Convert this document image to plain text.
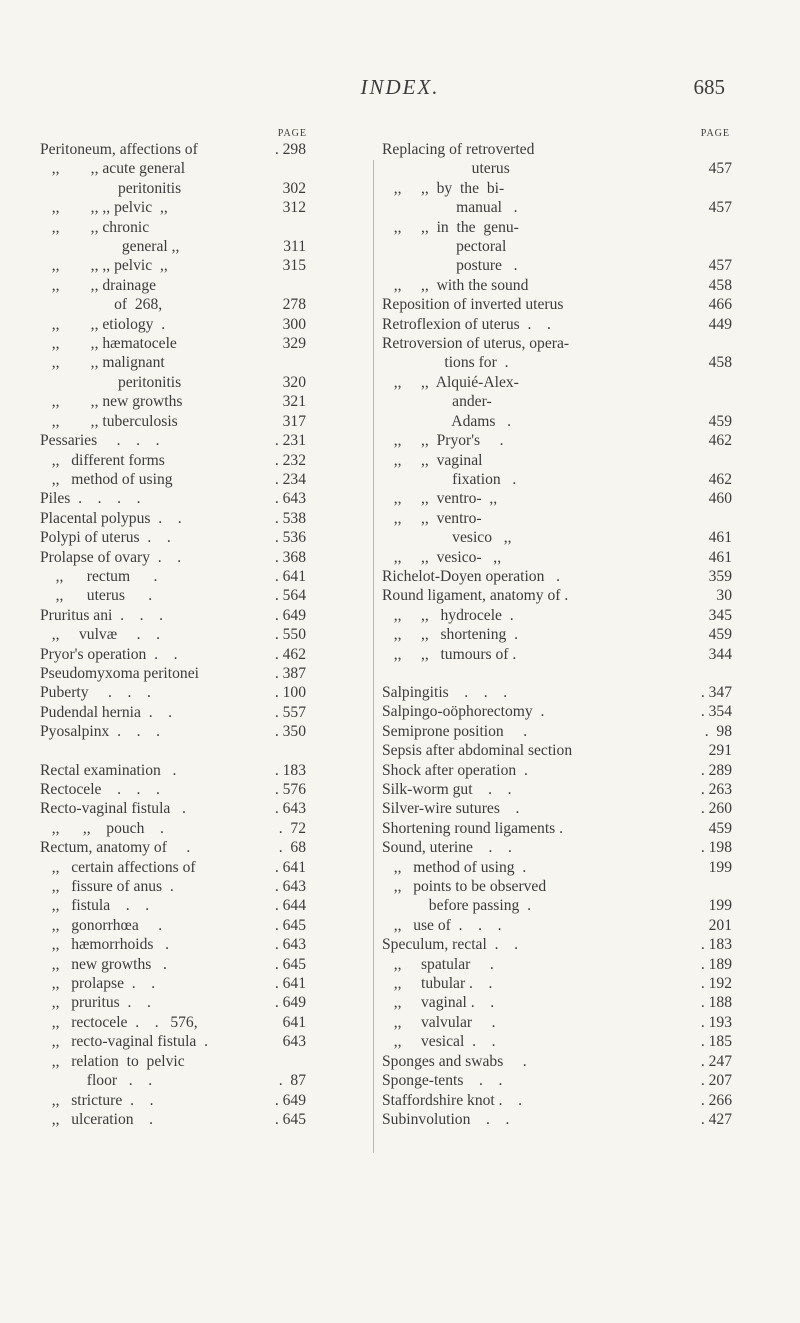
INDEX.	685
PAGE
Peritoneum, affections of	. 298
,,        ,, acute general
peritonitis	302
,,        ,, ,, pelvic  ,,	312
,,        ,, chronic
general ,,	311
,,        ,, ,, pelvic  ,,	315
,,        ,, drainage
of  268,	278
,,        ,, etiology  .	300
,,        ,, hæmatocele	329
,,        ,, malignant
peritonitis	320
,,        ,, new growths	321
,,        ,, tuberculosis	317
Pessaries     .    .    .	. 231
,,   different forms	. 232
,,   method of using	. 234
Piles  .    .    .    .	. 643
Placental polypus  .    .	. 538
Polypi of uterus  .    .	. 536
Prolapse of ovary  .    .	. 368
,,      rectum      .	. 641
,,      uterus      .	. 564
Pruritus ani  .    .    .	. 649
,,     vulvæ     .    .	. 550
Pryor's operation  .    .	. 462
Pseudomyxoma peritonei	. 387
Puberty     .    .    .	. 100
Pudendal hernia  .    .	. 557
Pyosalpinx  .    .    .	. 350
Rectal examination   .	. 183
Rectocele    .    .    .	. 576
Recto-vaginal fistula   .	. 643
,,      ,,    pouch    .	.  72
Rectum, anatomy of     .	.  68
,,   certain affections of	. 641
,,   fissure of anus  .	. 643
,,   fistula    .    .	. 644
,,   gonorrhœa     .	. 645
,,   hæmorrhoids   .	. 643
,,   new growths   .	. 645
,,   prolapse  .    .	. 641
,,   pruritus  .    .	. 649
,,   rectocele  .    .   576,	641
,,   recto-vaginal fistula  .	643
,,   relation  to  pelvic
floor   .    .	.  87
,,   stricture  .    .	. 649
,,   ulceration    .	. 645
PAGE
Replacing of retroverted
uterus	457
,,     ,,  by  the  bi-
manual   .	457
,,     ,,  in  the  genu-
pectoral
posture   .	457
,,     ,,  with the sound	458
Reposition of inverted uterus	466
Retroflexion of uterus  .    .	449
Retroversion of uterus, opera-
tions for  .	458
,,     ,,  Alquié-Alex-
ander-
Adams   .	459
,,     ,,  Pryor's     .	462
,,     ,,  vaginal
fixation   .	462
,,     ,,  ventro-  ,,	460
,,     ,,  ventro-
vesico   ,,	461
,,     ,,  vesico-   ,,	461
Richelot-Doyen operation   .	359
Round ligament, anatomy of .	30
,,     ,,   hydrocele  .	345
,,     ,,   shortening  .	459
,,     ,,   tumours of .	344
Salpingitis    .    .    .	. 347
Salpingo-oöphorectomy  .	. 354
Semiprone position     .	.  98
Sepsis after abdominal section	291
Shock after operation  .	. 289
Silk-worm gut    .    .	. 263
Silver-wire sutures    .	. 260
Shortening round ligaments .	459
Sound, uterine    .    .	. 198
,,   method of using  .	199
,,   points to be observed
before passing  .	199
,,   use of  .    .    .	201
Speculum, rectal  .    .	. 183
,,     spatular     .	. 189
,,     tubular .    .	. 192
,,     vaginal .    .	. 188
,,     valvular     .	. 193
,,     vesical  .    .	. 185
Sponges and swabs     .	. 247
Sponge-tents    .    .	. 207
Staffordshire knot .    .	. 266
Subinvolution    .    .	. 427
